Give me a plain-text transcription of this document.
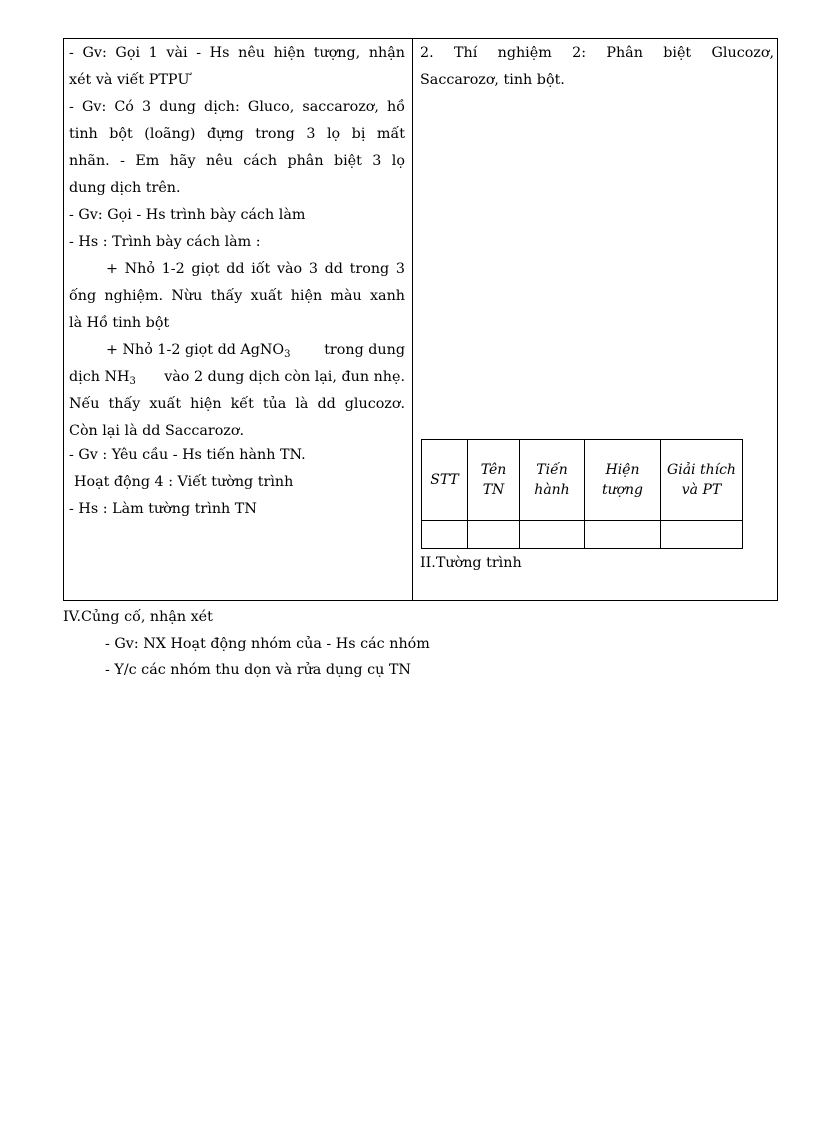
- Gv: Gọi 1 vài - Hs nêu hiện tượng, nhận
xét và viết PTPƯ
- Gv: Có 3 dung dịch: Gluco, saccarozơ, hồ
tinh bột (loãng) đựng trong 3 lọ bị mất
nhãn. - Em hãy nêu cách phân biệt 3 lọ
dung dịch trên.
- Gv: Gọi - Hs trình bày cách làm
- Hs : Trình bày cách làm :
+ Nhỏ 1-2 giọt dd iốt vào 3 dd trong 3
ống nghiệm. Nừu thấy xuất hiện màu xanh
là Hồ tinh bột
+ Nhỏ 1-2 giọt dd AgNO$_3$ trong dung
dịch $NH_3$ vào 2 dung dịch còn lại, đun nhẹ.
Nếu thấy xuất hiện kết tủa là dd glucozơ.
Còn lại là dd Saccarozơ.
- Gv : Yêu cầu - Hs tiến hành TN.
Hoạt động 4 : Viết tường trình
- Hs : Làm tường trình TN
2. Thí nghiệm 2: Phân biệt Glucozơ,
Saccarozơ, tinh bột.
STT	Tên TN	Tiến hành	Hiện tượng	Giải thích và PT

II.Tường trình
IV.Củng cố, nhận xét
- Gv: NX Hoạt động nhóm của - Hs các nhóm
- Y/c các nhóm thu dọn và rửa dụng cụ TN
